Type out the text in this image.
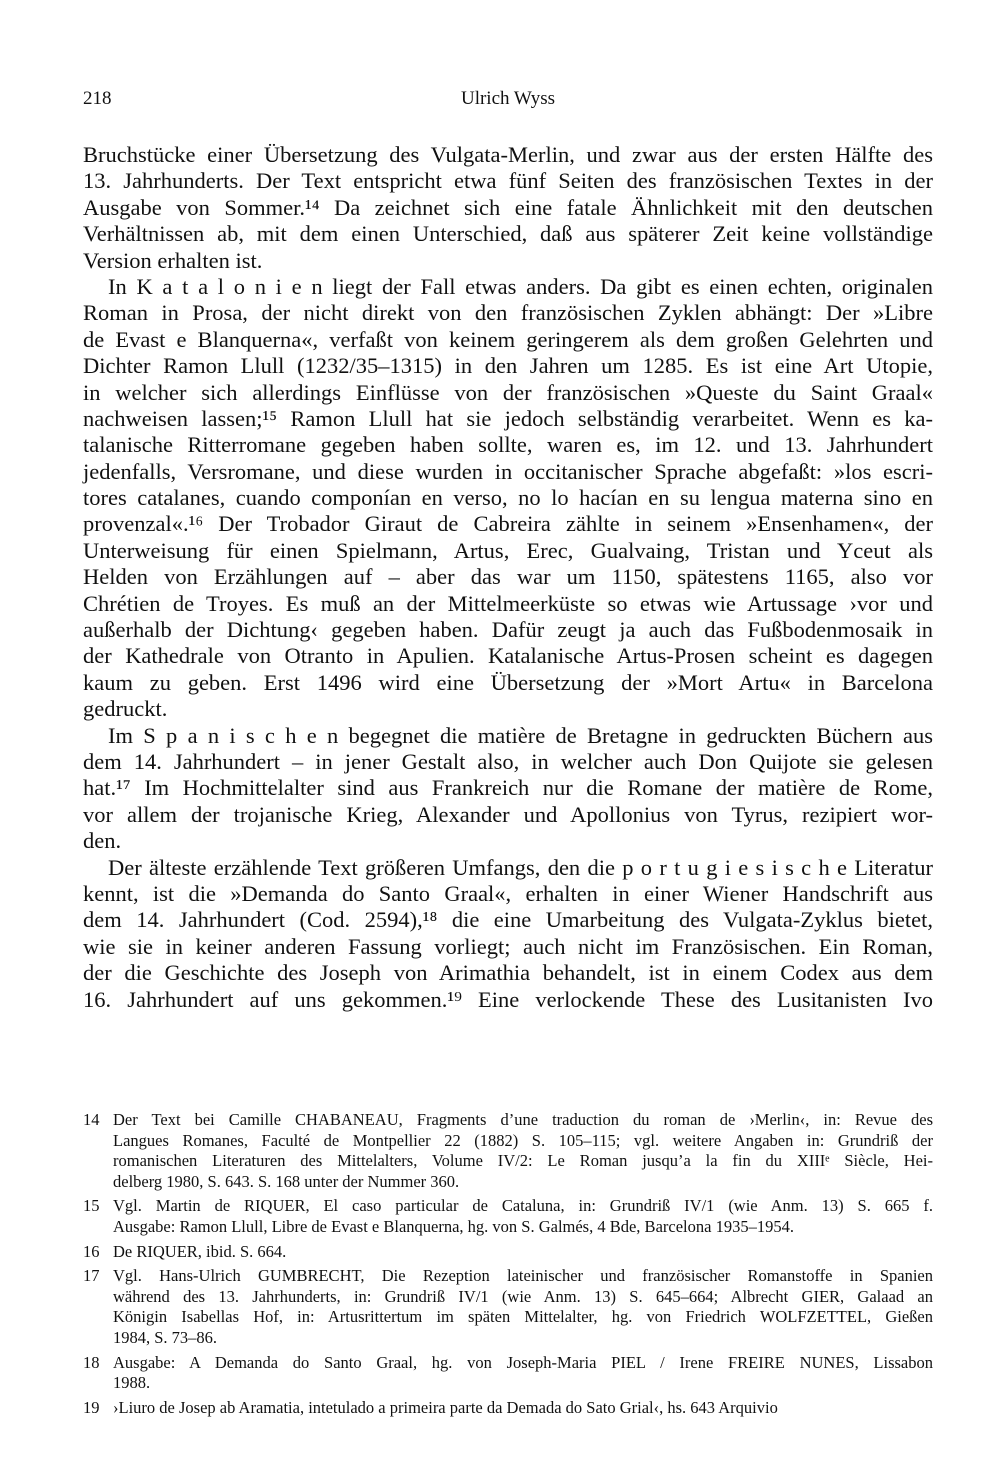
218	Ulrich Wyss
Bruchstücke einer Übersetzung des Vulgata-Merlin, und zwar aus der ersten Hälfte des
13. Jahrhunderts. Der Text entspricht etwa fünf Seiten des französischen Textes in der
Ausgabe von Sommer.¹⁴ Da zeichnet sich eine fatale Ähnlichkeit mit den deutschen
Verhältnissen ab, mit dem einen Unterschied, daß aus späterer Zeit keine vollständige
Version erhalten ist.
In K a t a l o n i e n liegt der Fall etwas anders. Da gibt es einen echten, originalen
Roman in Prosa, der nicht direkt von den französischen Zyklen abhängt: Der »Libre
de Evast e Blanquerna«, verfaßt von keinem geringerem als dem großen Gelehrten und
Dichter Ramon Llull (1232/35–1315) in den Jahren um 1285. Es ist eine Art Utopie,
in welcher sich allerdings Einflüsse von der französischen »Queste du Saint Graal«
nachweisen lassen;¹⁵ Ramon Llull hat sie jedoch selbständig verarbeitet. Wenn es ka-
talanische Ritterromane gegeben haben sollte, waren es, im 12. und 13. Jahrhundert
jedenfalls, Versromane, und diese wurden in occitanischer Sprache abgefaßt: »los escri-
tores catalanes, cuando componían en verso, no lo hacían en su lengua materna sino en
provenzal«.¹⁶ Der Trobador Giraut de Cabreira zählte in seinem »Ensenhamen«, der
Unterweisung für einen Spielmann, Artus, Erec, Gualvaing, Tristan und Yceut als
Helden von Erzählungen auf – aber das war um 1150, spätestens 1165, also vor
Chrétien de Troyes. Es muß an der Mittelmeerküste so etwas wie Artussage ›vor und
außerhalb der Dichtung‹ gegeben haben. Dafür zeugt ja auch das Fußbodenmosaik in
der Kathedrale von Otranto in Apulien. Katalanische Artus-Prosen scheint es dagegen
kaum zu geben. Erst 1496 wird eine Übersetzung der »Mort Artu« in Barcelona
gedruckt.
Im S p a n i s c h e n begegnet die matière de Bretagne in gedruckten Büchern aus
dem 14. Jahrhundert – in jener Gestalt also, in welcher auch Don Quijote sie gelesen
hat.¹⁷ Im Hochmittelalter sind aus Frankreich nur die Romane der matière de Rome,
vor allem der trojanische Krieg, Alexander und Apollonius von Tyrus, rezipiert wor-
den.
Der älteste erzählende Text größeren Umfangs, den die p o r t u g i e s i s c h e Literatur
kennt, ist die »Demanda do Santo Graal«, erhalten in einer Wiener Handschrift aus
dem 14. Jahrhundert (Cod. 2594),¹⁸ die eine Umarbeitung des Vulgata-Zyklus bietet,
wie sie in keiner anderen Fassung vorliegt; auch nicht im Französischen. Ein Roman,
der die Geschichte des Joseph von Arimathia behandelt, ist in einem Codex aus dem
16. Jahrhundert auf uns gekommen.¹⁹ Eine verlockende These des Lusitanisten Ivo
14 Der Text bei Camille CHABANEAU, Fragments d’une traduction du roman de ›Merlin‹, in: Revue des
Langues Romanes, Faculté de Montpellier 22 (1882) S. 105–115; vgl. weitere Angaben in: Grundriß der
romanischen Literaturen des Mittelalters, Volume IV/2: Le Roman jusqu’a la fin du XIIIᵉ Siècle, Hei-
delberg 1980, S. 643. S. 168 unter der Nummer 360.
15 Vgl. Martin de RIQUER, El caso particular de Cataluna, in: Grundriß IV/1 (wie Anm. 13) S. 665 f.
Ausgabe: Ramon Llull, Libre de Evast e Blanquerna, hg. von S. Galmés, 4 Bde, Barcelona 1935–1954.
16 De RIQUER, ibid. S. 664.
17 Vgl. Hans-Ulrich GUMBRECHT, Die Rezeption lateinischer und französischer Romanstoffe in Spanien
während des 13. Jahrhunderts, in: Grundriß IV/1 (wie Anm. 13) S. 645–664; Albrecht GIER, Galaad an
Königin Isabellas Hof, in: Artusrittertum im späten Mittelalter, hg. von Friedrich WOLFZETTEL, Gießen
1984, S. 73–86.
18 Ausgabe: A Demanda do Santo Graal, hg. von Joseph-Maria PIEL / Irene FREIRE NUNES, Lissabon
1988.
19 ›Liuro de Josep ab Aramatia, intetulado a primeira parte da Demada do Sato Grial‹, hs. 643 Arquivio
